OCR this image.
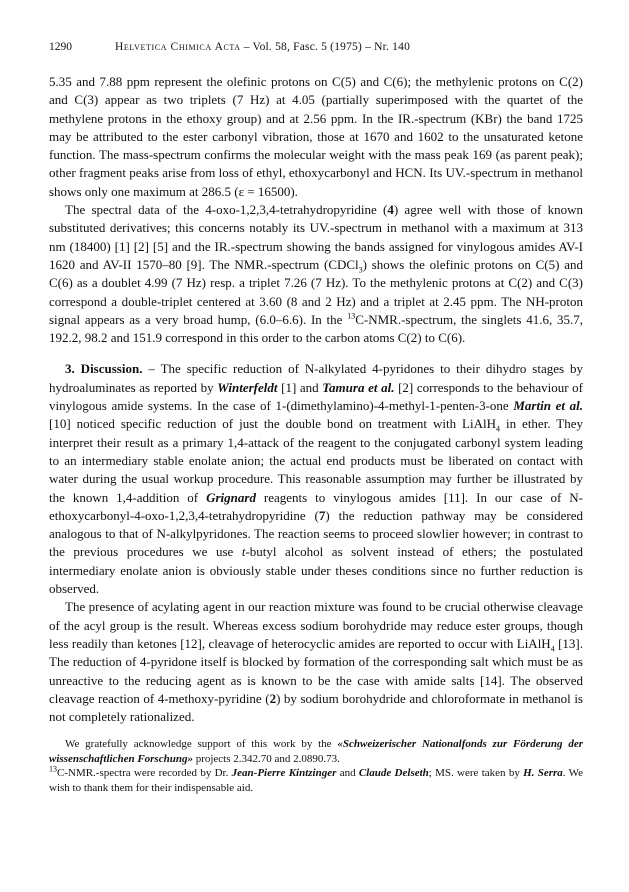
1290	Helvetica Chimica Acta – Vol. 58, Fasc. 5 (1975) – Nr. 140

5.35 and 7.88 ppm represent the olefinic protons on C(5) and C(6); the methylenic protons on C(2) and C(3) appear as two triplets (7 Hz) at 4.05 (partially superimposed with the quartet of the methylene protons in the ethoxy group) and at 2.56 ppm. In the IR.-spectrum (KBr) the band 1725 may be attributed to the ester carbonyl vibration, those at 1670 and 1602 to the unsaturated ketone function. The mass-spectrum confirms the molecular weight with the mass peak 169 (as parent peak); other fragment peaks arise from loss of ethyl, ethoxycarbonyl and HCN. Its UV.-spectrum in methanol shows only one maximum at 286.5 (ε = 16500).

The spectral data of the 4-oxo-1,2,3,4-tetrahydropyridine (4) agree well with those of known substituted derivatives; this concerns notably its UV.-spectrum in methanol with a maximum at 313 nm (18400) [1] [2] [5] and the IR.-spectrum showing the bands assigned for vinylogous amides AV-I 1620 and AV-II 1570–80 [9]. The NMR.-spectrum (CDCl$_3$) shows the olefinic protons on C(5) and C(6) as a doublet 4.99 (7 Hz) resp. a triplet 7.26 (7 Hz). To the methylenic protons at C(2) and C(3) correspond a double-triplet centered at 3.60 (8 and 2 Hz) and a triplet at 2.45 ppm. The NH-proton signal appears as a very broad hump, (6.0–6.6). In the $^{13}$C-NMR.-spectrum, the singlets 41.6, 35.7, 192.2, 98.2 and 151.9 correspond in this order to the carbon atoms C(2) to C(6).

3. Discussion. – The specific reduction of N-alkylated 4-pyridones to their dihydro stages by hydroaluminates as reported by Winterfeldt [1] and Tamura et al. [2] corresponds to the behaviour of vinylogous amide systems. In the case of 1-(dimethylamino)-4-methyl-1-penten-3-one Martin et al. [10] noticed specific reduction of just the double bond on treatment with LiAlH$_4$ in ether. They interpret their result as a primary 1,4-attack of the reagent to the conjugated carbonyl system leading to an intermediary stable enolate anion; the actual end products must be liberated on contact with water during the usual workup procedure. This reasonable assumption may further be illustrated by the known 1,4-addition of Grignard reagents to vinylogous amides [11]. In our case of N-ethoxycarbonyl-4-oxo-1,2,3,4-tetrahydropyridine (7) the reduction pathway may be considered analogous to that of N-alkylpyridones. The reaction seems to proceed slowlier however; in contrast to the previous procedures we use t-butyl alcohol as solvent instead of ethers; the postulated intermediary enolate anion is obviously stable under theses conditions since no further reduction is observed.

The presence of acylating agent in our reaction mixture was found to be crucial otherwise cleavage of the acyl group is the result. Whereas excess sodium borohydride may reduce ester groups, though less readily than ketones [12], cleavage of heterocyclic amides are reported to occur with LiAlH$_4$ [13]. The reduction of 4-pyridone itself is blocked by formation of the corresponding salt which must be as unreactive to the reducing agent as is known to be the case with amide salts [14]. The observed cleavage reaction of 4-methoxy-pyridine (2) by sodium borohydride and chloroformate in methanol is not completely rationalized.

We gratefully acknowledge support of this work by the «Schweizerischer Nationalfonds zur Förderung der wissenschaftlichen Forschung» projects 2.342.70 and 2.0890.73.
$^{13}$C-NMR.-spectra were recorded by Dr. Jean-Pierre Kintzinger and Claude Delseth; MS. were taken by H. Serra. We wish to thank them for their indispensable aid.
